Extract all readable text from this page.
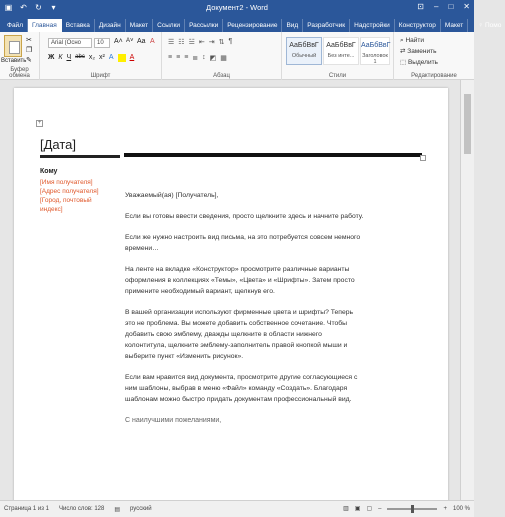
▣ ↶ ↻	▾	Документ2 - Word	⊡ – □ ✕
Файл	Главная	Вставка	Дизайн	Макет	Ссылки	Рассылки	Рецензирование	Вид	Разработчик	Надстройки	Конструктор	Макет	♀ Помо
Вставить
✂
❐
✎
Буфер обмена
Arial (Осно	10	A˄ A˅ Aa A
Ж К Ч abc x₂ x² A A
Шрифт
☰ ☷ ☱ ⇤ ⇥ ⇅ ¶
≡ ≡ ≡ ≣ ↕ ◩ ▦
Абзац
АаБбВвГ
Обычный
АаБбВвГ
Без инте...
АаБбВвГ
Заголовок 1
Стили
⌕ Найти
⇄ Заменить
⬚ Выделить
Редактирование
+
[Дата]
Кому
[Имя получателя]
[Адрес получателя]
[Город, почтовый
индекс]

Уважаемый(ая) [Получатель],

Если вы готовы ввести сведения, просто щелкните здесь и начните работу.

Если же нужно настроить вид письма, на это потребуется совсем немного времени…

На ленте на вкладке «Конструктор» просмотрите различные варианты оформления в коллекциях «Темы», «Цвета» и «Шрифты». Затем просто примените необходимый вариант, щелкнув его.

В вашей организации используют фирменные цвета и шрифты? Теперь это не проблема. Вы можете добавить собственное сочетание. Чтобы добавить свою эмблему, дважды щелкните в области нижнего колонтитула, щелкните эмблему-заполнитель правой кнопкой мыши и выберите пункт «Изменить рисунок».

Если вам нравится вид документа, просмотрите другие согласующиеся с ним шаблоны, выбрав в меню «Файл» команду «Создать». Благодаря шаблонам можно быстро придать документам профессиональный вид.

С наилучшими пожеланиями,

Страница 1 из 1 Число слов: 128 ▤ русский	▥ ▣ ▢ –	+ 100 %
